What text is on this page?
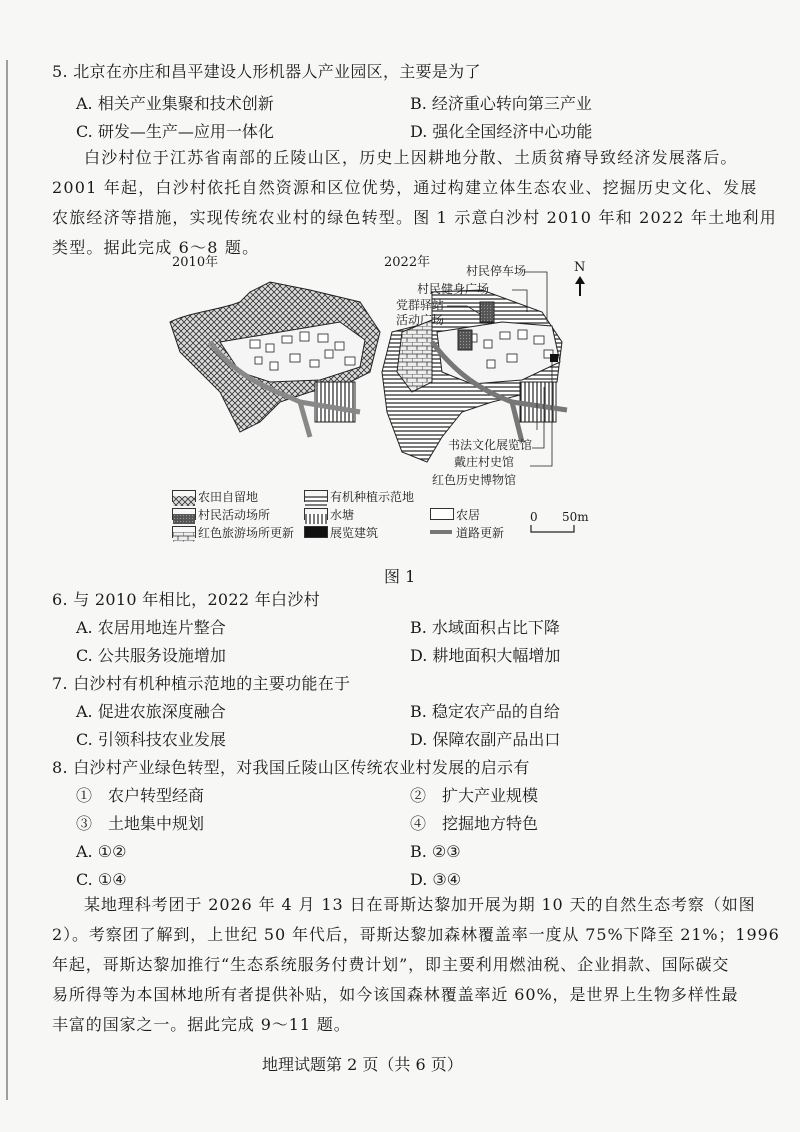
5. 北京在亦庄和昌平建设人形机器人产业园区，主要是为了
A. 相关产业集聚和技术创新	B. 经济重心转向第三产业
C. 研发—生产—应用一体化	D. 强化全国经济中心功能

白沙村位于江苏省南部的丘陵山区，历史上因耕地分散、土质贫瘠导致经济发展落后。

2001 年起，白沙村依托自然资源和区位优势，通过构建立体生态农业、挖掘历史文化、发展

农旅经济等措施，实现传统农业村的绿色转型。图 1 示意白沙村 2010 年和 2022 年土地利用

类型。据此完成 6～8 题。

2010年	2022年
村民停车场
村民健身广场
党群驿站
活动广场
书法文化展览馆
戴庄村史馆
红色历史博物馆
N
农田自留地	有机种植示范地
村民活动场所	水塘	农居
红色旅游场所更新	展览建筑	道路更新
0 50m
图 1
6. 与 2010 年相比，2022 年白沙村
A. 农居用地连片整合	B. 水域面积占比下降
C. 公共服务设施增加	D. 耕地面积大幅增加
7. 白沙村有机种植示范地的主要功能在于
A. 促进农旅深度融合	B. 稳定农产品的自给
C. 引领科技农业发展	D. 保障农副产品出口
8. 白沙村产业绿色转型，对我国丘陵山区传统农业村发展的启示有
①　农户转型经商	②　扩大产业规模
③　土地集中规划	④　挖掘地方特色
A. ①②	B. ②③
C. ①④	D. ③④

某地理科考团于 2026 年 4 月 13 日在哥斯达黎加开展为期 10 天的自然生态考察（如图

2）。考察团了解到，上世纪 50 年代后，哥斯达黎加森林覆盖率一度从 75%下降至 21%；1996

年起，哥斯达黎加推行“生态系统服务付费计划”，即主要利用燃油税、企业捐款、国际碳交

易所得等为本国林地所有者提供补贴，如今该国森林覆盖率近 60%，是世界上生物多样性最

丰富的国家之一。据此完成 9～11 题。

地理试题第 2 页（共 6 页）
